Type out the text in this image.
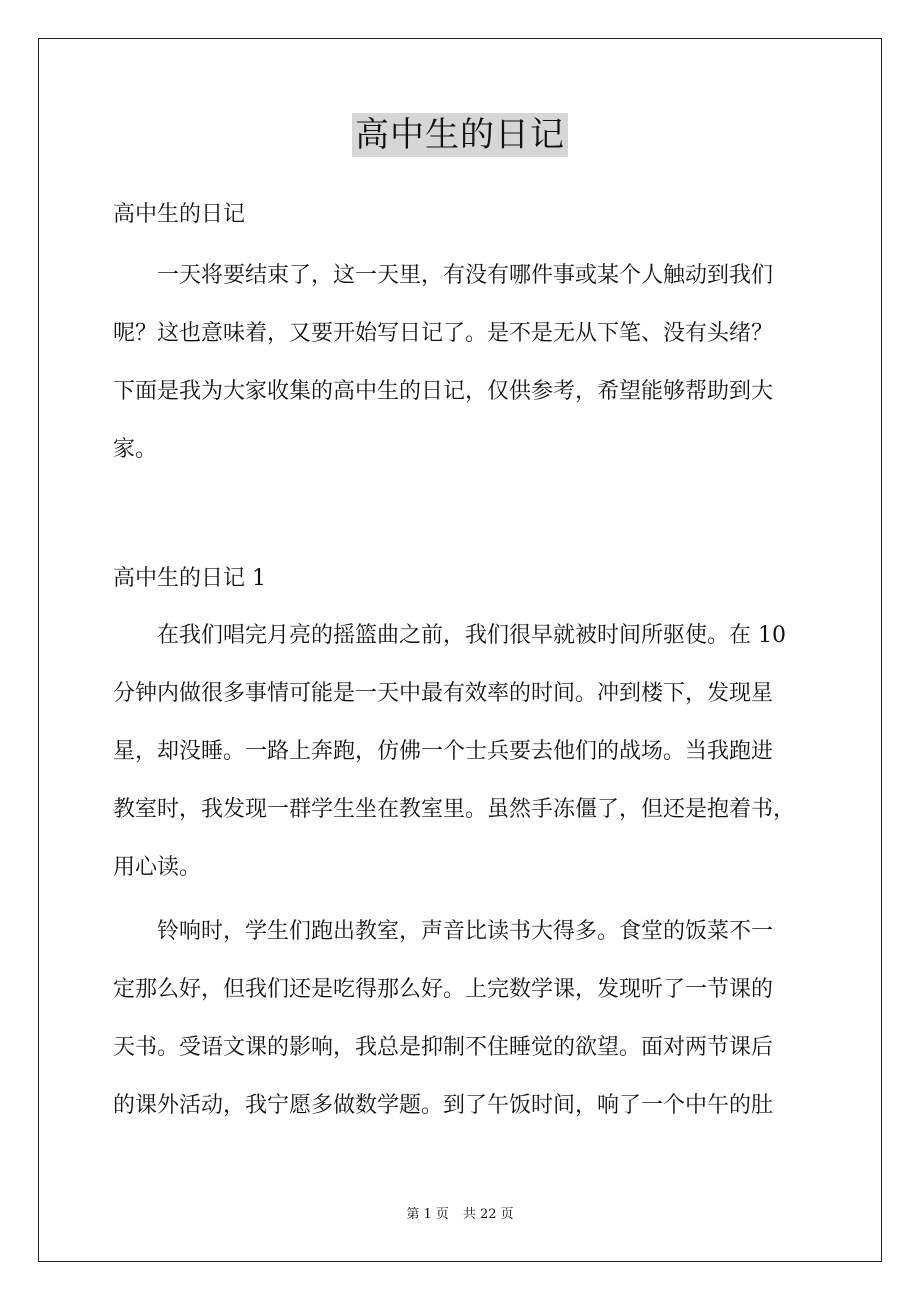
高中生的日记

高中生的日记

一天将要结束了，这一天里，有没有哪件事或某个人触动到我们
呢？这也意味着，又要开始写日记了。是不是无从下笔、没有头绪？
下面是我为大家收集的高中生的日记，仅供参考，希望能够帮助到大
家。

高中生的日记 1

在我们唱完月亮的摇篮曲之前，我们很早就被时间所驱使。在 10
分钟内做很多事情可能是一天中最有效率的时间。冲到楼下，发现星
星，却没睡。一路上奔跑，仿佛一个士兵要去他们的战场。当我跑进
教室时，我发现一群学生坐在教室里。虽然手冻僵了，但还是抱着书，
用心读。

铃响时，学生们跑出教室，声音比读书大得多。食堂的饭菜不一
定那么好，但我们还是吃得那么好。上完数学课，发现听了一节课的
天书。受语文课的影响，我总是抑制不住睡觉的欲望。面对两节课后
的课外活动，我宁愿多做数学题。到了午饭时间，响了一个中午的肚

第 1 页 共 22 页
